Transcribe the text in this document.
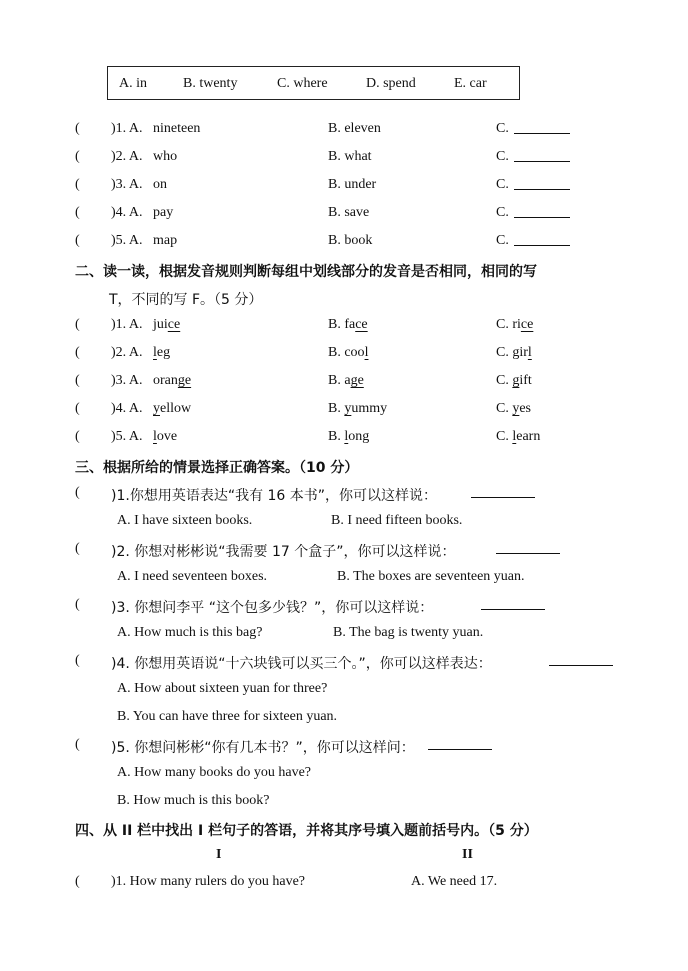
A. in	B. twenty	C. where	D. spend	E. car
( )1. A. nineteen	B. eleven	C.
( )2. A. who	B. what	C.
( )3. A. on	B. under	C.
( )4. A. pay	B. save	C.
( )5. A. map	B. book	C.
二、读一读，根据发音规则判断每组中划线部分的发音是否相同，相同的写
T，不同的写 F。（5 分）
( )1. A. juice	B. face	C. rice
( )2. A. leg	B. cool	C. girl
( )3. A. orange	B. age	C. gift
( )4. A. yellow	B. yummy	C. yes
( )5. A. love	B. long	C. learn
三、根据所给的情景选择正确答案。（10 分）
( )1.你想用英语表达“我有 16 本书”，你可以这样说：
A. I have sixteen books.	B. I need fifteen books.
( )2. 你想对彬彬说“我需要 17 个盒子”，你可以这样说：
A. I need seventeen boxes.	B. The boxes are seventeen yuan.
( )3. 你想问李平 “这个包多少钱？”，你可以这样说：
A. How much is this bag?	B. The bag is twenty yuan.
( )4. 你想用英语说“十六块钱可以买三个。”，你可以这样表达：
A. How about sixteen yuan for three?
B. You can have three for sixteen yuan.
( )5. 你想问彬彬“你有几本书？”，你可以这样问：
A. How many books do you have?
B. How much is this book?
四、从 II 栏中找出 I 栏句子的答语，并将其序号填入题前括号内。（5 分）
I	II
( )1. How many rulers do you have?	A. We need 17.
